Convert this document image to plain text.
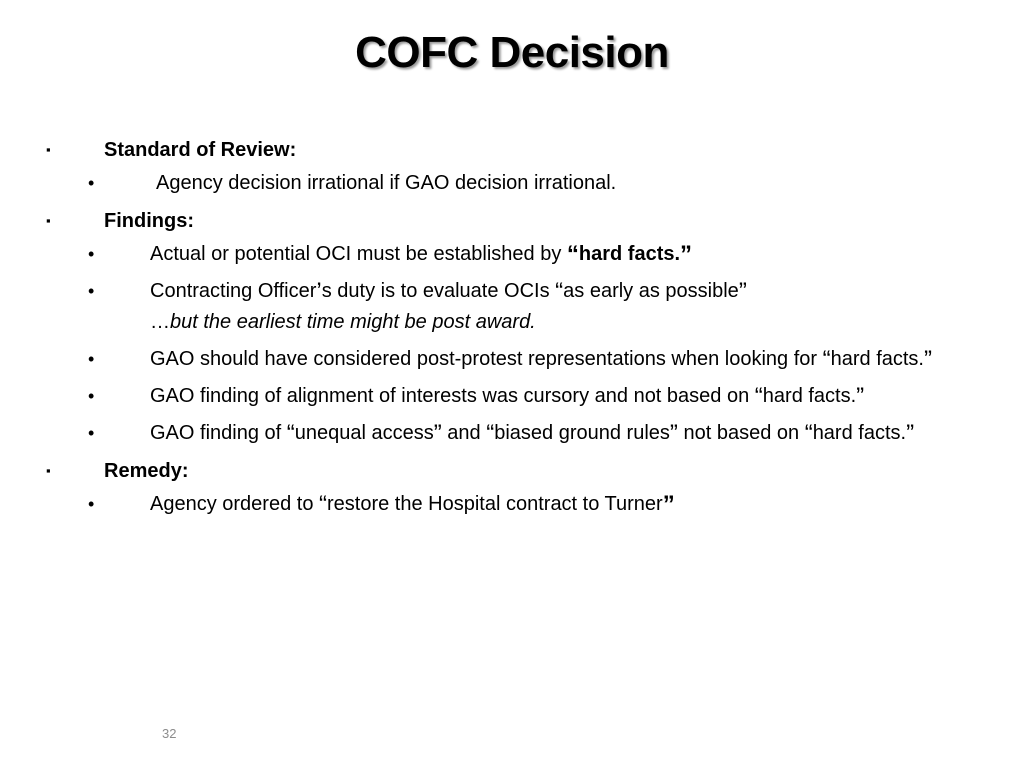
COFC Decision
▪	Standard of Review:
•	Agency decision irrational if GAO decision irrational.
▪	Findings:
•	Actual or potential OCI must be established by “hard facts.”
•	Contracting Officer’s duty is to evaluate OCIs “as early as possible”
…but the earliest time might be post award.
•	GAO should have considered post-protest representations when looking for “hard facts.”
•	GAO finding of alignment of interests was cursory and not based on “hard facts.”
•	GAO finding of “unequal access” and “biased ground rules” not based on “hard facts.”
▪	Remedy:
•	Agency ordered to “restore the Hospital contract to Turner”
32
